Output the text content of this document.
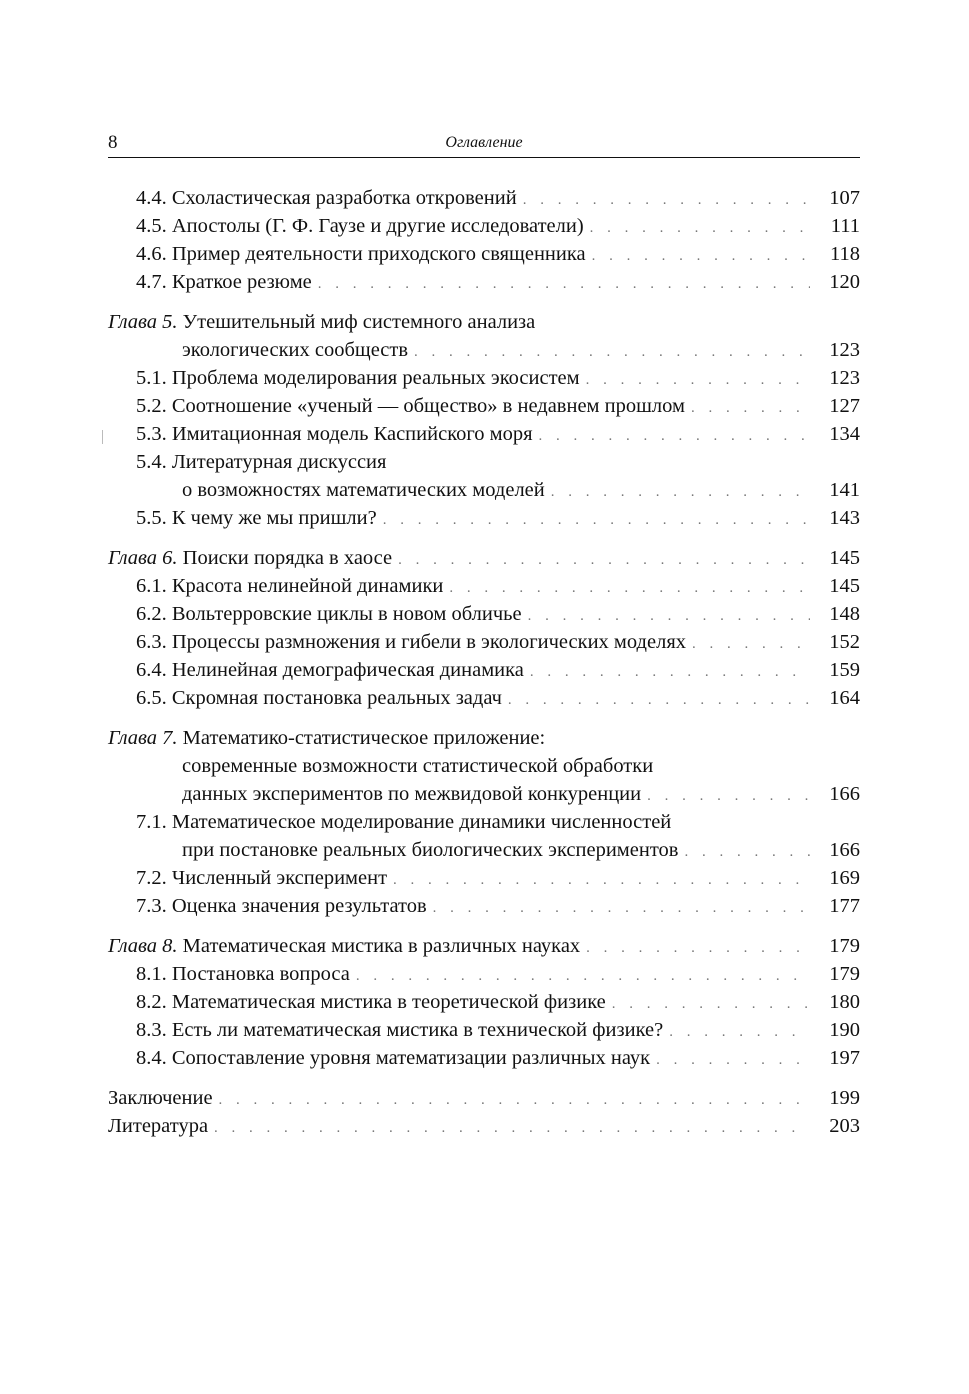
8	Оглавление
4.4. Схоластическая разработка откровений . . .	107
4.5. Апостолы (Г. Ф. Гаузе и другие исследователи) . . .	111
4.6. Пример деятельности приходского священника . . .	118
4.7. Краткое резюме . . .	120
Глава 5. Утешительный миф системного анализа
экологических сообществ . . .	123
5.1. Проблема моделирования реальных экосистем . . .	123
5.2. Соотношение «ученый — общество» в недавнем прошлом . . .	127
5.3. Имитационная модель Каспийского моря . . .	134
5.4. Литературная дискуссия
о возможностях математических моделей . . .	141
5.5. К чему же мы пришли? . . .	143
Глава 6. Поиски порядка в хаосе . . .	145
6.1. Красота нелинейной динамики . . .	145
6.2. Вольтерровские циклы в новом обличье . . .	148
6.3. Процессы размножения и гибели в экологических моделях . . .	152
6.4. Нелинейная демографическая динамика . . .	159
6.5. Скромная постановка реальных задач . . .	164
Глава 7. Математико-статистическое приложение:
современные возможности статистической обработки
данных экспериментов по межвидовой конкуренции . . .	166
7.1. Математическое моделирование динамики численностей
при постановке реальных биологических экспериментов . . .	166
7.2. Численный эксперимент . . .	169
7.3. Оценка значения результатов . . .	177
Глава 8. Математическая мистика в различных науках . . .	179
8.1. Постановка вопроса . . .	179
8.2. Математическая мистика в теоретической физике . . .	180
8.3. Есть ли математическая мистика в технической физике? . . .	190
8.4. Сопоставление уровня математизации различных наук . . .	197
Заключение . . .	199
Литература . . .	203
